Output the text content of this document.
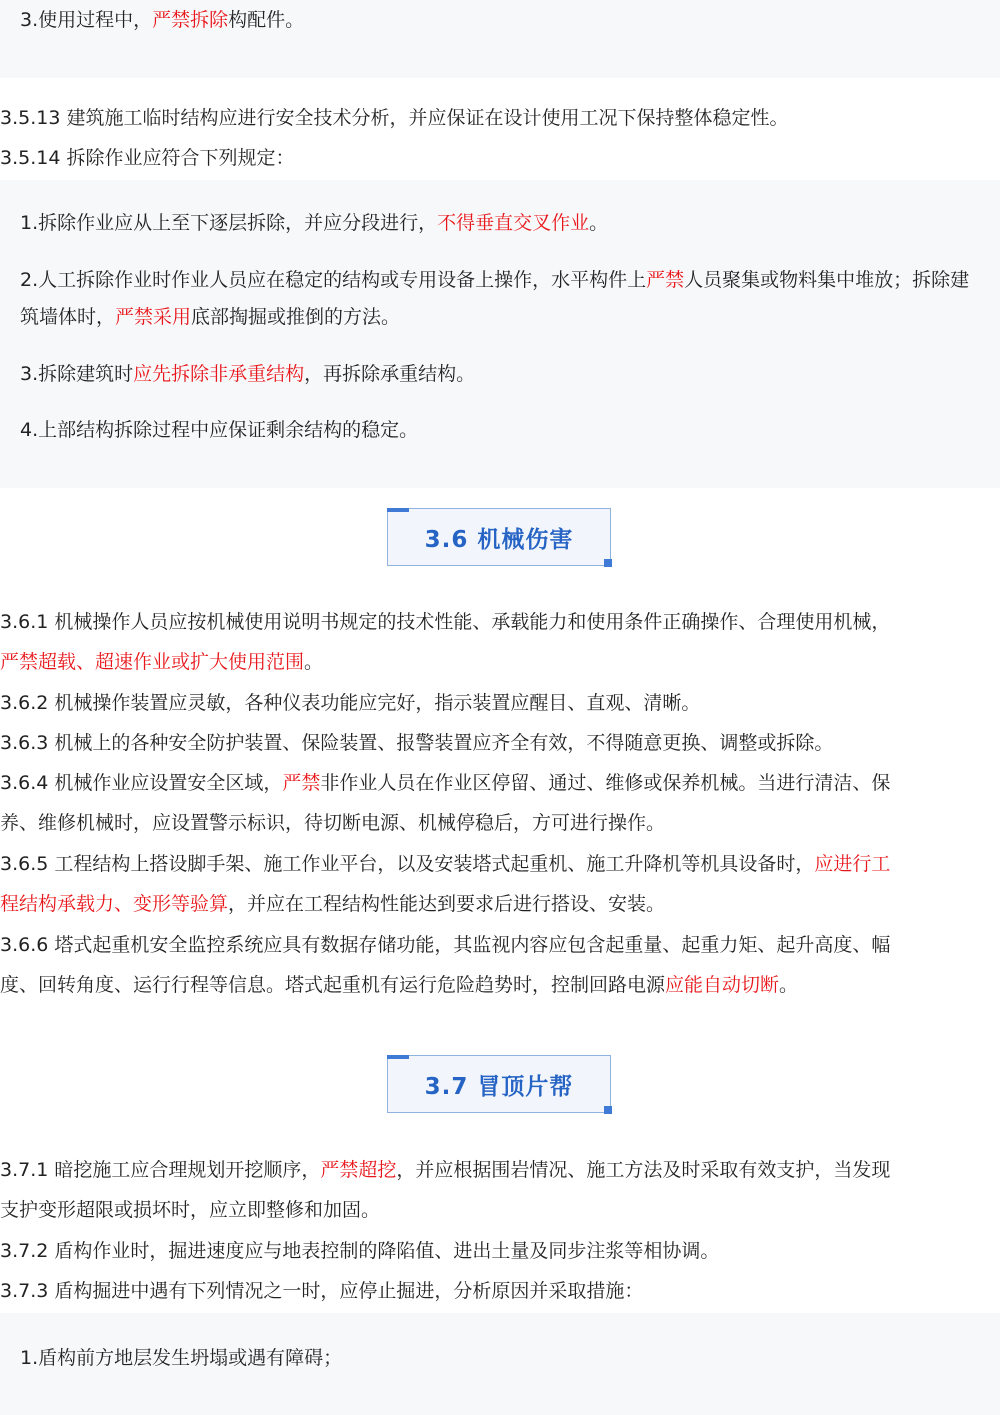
3.使用过程中，严禁拆除构配件。

3.5.13 建筑施工临时结构应进行安全技术分析，并应保证在设计使用工况下保持整体稳定性。

3.5.14 拆除作业应符合下列规定：

1.拆除作业应从上至下逐层拆除，并应分段进行，不得垂直交叉作业。

2.人工拆除作业时作业人员应在稳定的结构或专用设备上操作，水平构件上严禁人员聚集或物料集中堆放；拆除建筑墙体时，严禁采用底部掏掘或推倒的方法。

3.拆除建筑时应先拆除非承重结构，再拆除承重结构。

4.上部结构拆除过程中应保证剩余结构的稳定。

3.6 机械伤害

3.6.1 机械操作人员应按机械使用说明书规定的技术性能、承载能力和使用条件正确操作、合理使用机械，
严禁超载、超速作业或扩大使用范围。

3.6.2 机械操作装置应灵敏，各种仪表功能应完好，指示装置应醒目、直观、清晰。

3.6.3 机械上的各种安全防护装置、保险装置、报警装置应齐全有效，不得随意更换、调整或拆除。

3.6.4 机械作业应设置安全区域，严禁非作业人员在作业区停留、通过、维修或保养机械。当进行清洁、保
养、维修机械时，应设置警示标识，待切断电源、机械停稳后，方可进行操作。

3.6.5 工程结构上搭设脚手架、施工作业平台，以及安装塔式起重机、施工升降机等机具设备时，应进行工
程结构承载力、变形等验算，并应在工程结构性能达到要求后进行搭设、安装。

3.6.6 塔式起重机安全监控系统应具有数据存储功能，其监视内容应包含起重量、起重力矩、起升高度、幅
度、回转角度、运行行程等信息。塔式起重机有运行危险趋势时，控制回路电源应能自动切断。

3.7 冒顶片帮

3.7.1 暗挖施工应合理规划开挖顺序，严禁超挖，并应根据围岩情况、施工方法及时采取有效支护，当发现
支护变形超限或损坏时，应立即整修和加固。

3.7.2 盾构作业时，掘进速度应与地表控制的降陷值、进出土量及同步注浆等相协调。

3.7.3 盾构掘进中遇有下列情况之一时，应停止掘进，分析原因并采取措施：

1.盾构前方地层发生坍塌或遇有障碍；
